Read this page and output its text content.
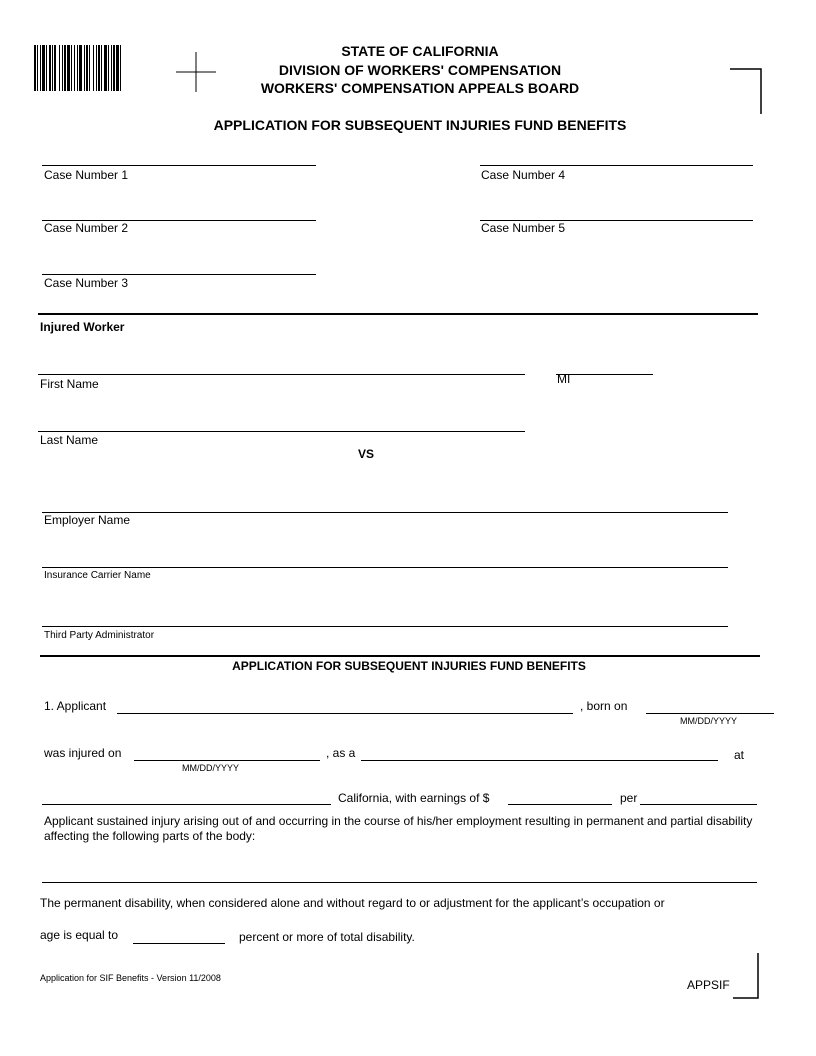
STATE OF CALIFORNIA
DIVISION OF WORKERS' COMPENSATION
WORKERS' COMPENSATION APPEALS BOARD
APPLICATION FOR SUBSEQUENT INJURIES FUND BENEFITS
Case Number 1	Case Number 4
Case Number 2	Case Number 5
Case Number 3
Injured Worker
First Name	MI
Last Name
VS
Employer Name
Insurance Carrier Name
Third Party Administrator
APPLICATION FOR SUBSEQUENT INJURIES FUND BENEFITS
1. Applicant	, born on
MM/DD/YYYY
was injured on
MM/DD/YYYY
, as a	at
California, with earnings of $	per
Applicant sustained injury arising out of and occurring in the course of his/her employment resulting in permanent and partial disability affecting the following parts of the body:
The permanent disability, when considered alone and without regard to or adjustment for the applicant’s occupation or
age is equal to	percent or more of total disability.
Application for SIF Benefits - Version 11/2008	APPSIF
